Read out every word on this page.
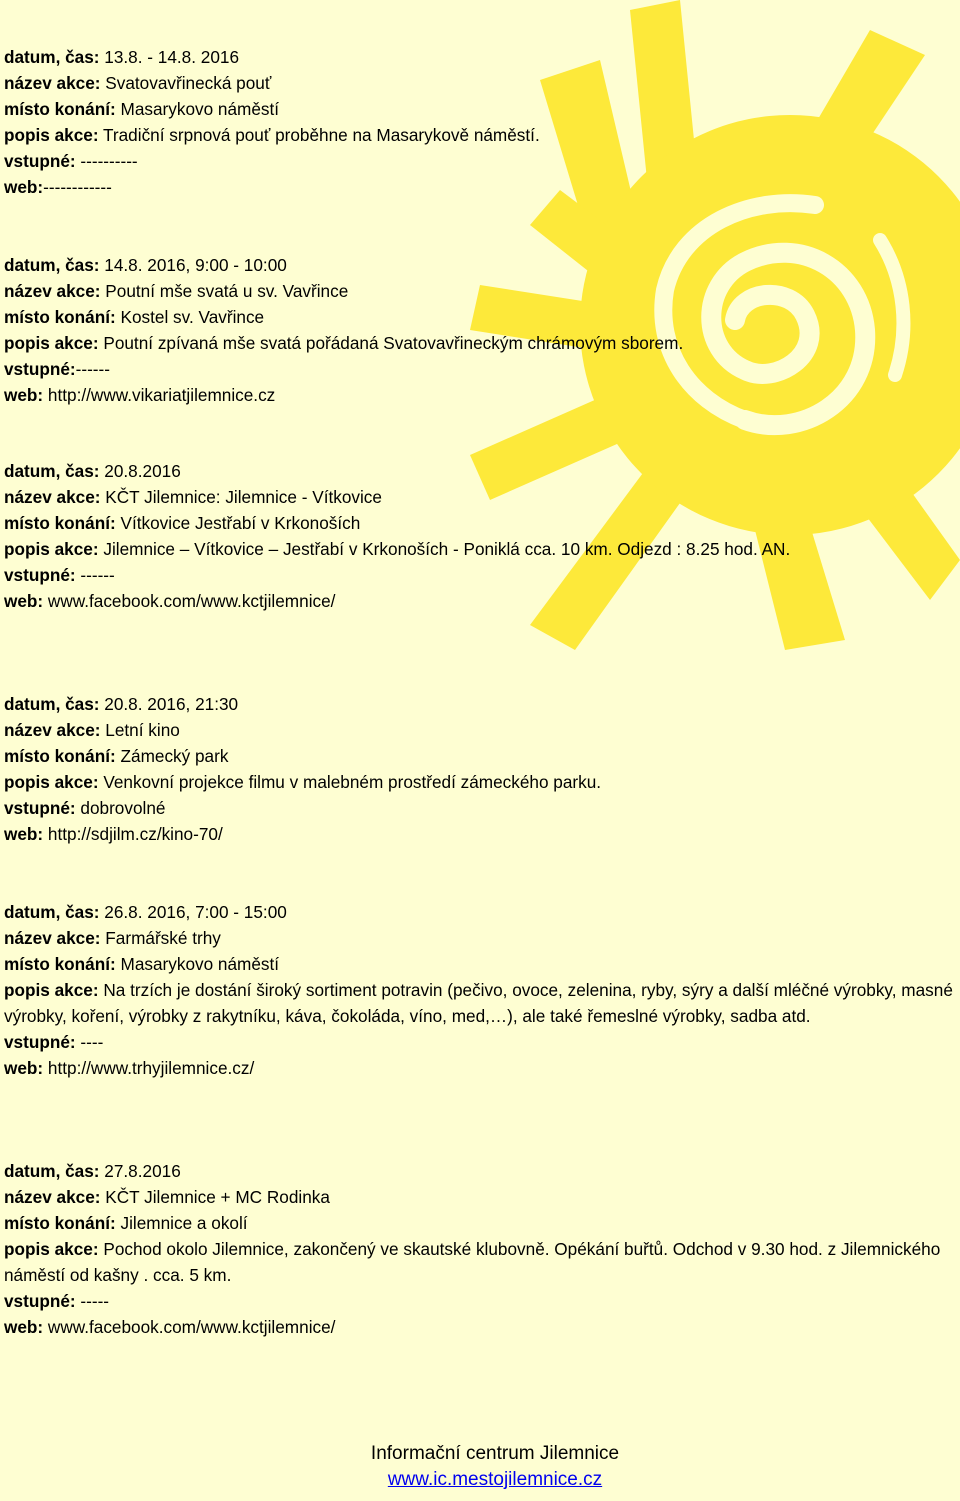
datum, čas: 13.8. - 14.8. 2016
název akce: Svatovavřinecká pouť
místo konání: Masarykovo náměstí
popis akce: Tradiční srpnová pouť proběhne na Masarykově náměstí.
vstupné: ----------
web:------------
datum, čas: 14.8. 2016, 9:00 - 10:00
název akce: Poutní mše svatá u sv. Vavřince
místo konání: Kostel sv. Vavřince
popis akce: Poutní zpívaná mše svatá pořádaná Svatovavřineckým chrámovým sborem.
vstupné:------
web: http://www.vikariatjilemnice.cz
datum, čas: 20.8.2016
název akce: KČT Jilemnice: Jilemnice - Vítkovice
místo konání: Vítkovice Jestřabí v Krkonoších
popis akce: Jilemnice – Vítkovice – Jestřabí v Krkonoších - Poniklá cca. 10 km. Odjezd : 8.25 hod. AN.
vstupné: ------
web: www.facebook.com/www.kctjilemnice/
datum, čas: 20.8. 2016, 21:30
název akce: Letní kino
místo konání: Zámecký park
popis akce: Venkovní projekce filmu v malebném prostředí zámeckého parku.
vstupné: dobrovolné
web: http://sdjilm.cz/kino-70/
datum, čas: 26.8. 2016, 7:00 - 15:00
název akce: Farmářské trhy
místo konání: Masarykovo náměstí
popis akce: Na trzích je dostání široký sortiment potravin (pečivo, ovoce, zelenina, ryby, sýry a další mléčné výrobky, masné výrobky, koření, výrobky z rakytníku, káva, čokoláda, víno, med,…), ale také řemeslné výrobky, sadba atd.
vstupné: ----
web: http://www.trhyjilemnice.cz/
datum, čas: 27.8.2016
název akce: KČT Jilemnice + MC Rodinka
místo konání: Jilemnice a okolí
popis akce: Pochod okolo Jilemnice, zakončený ve skautské klubovně. Opékání buřtů. Odchod v 9.30 hod. z Jilemnického náměstí od kašny . cca. 5 km.
vstupné: -----
web: www.facebook.com/www.kctjilemnice/
Informační centrum Jilemnice
www.ic.mestojilemnice.cz
